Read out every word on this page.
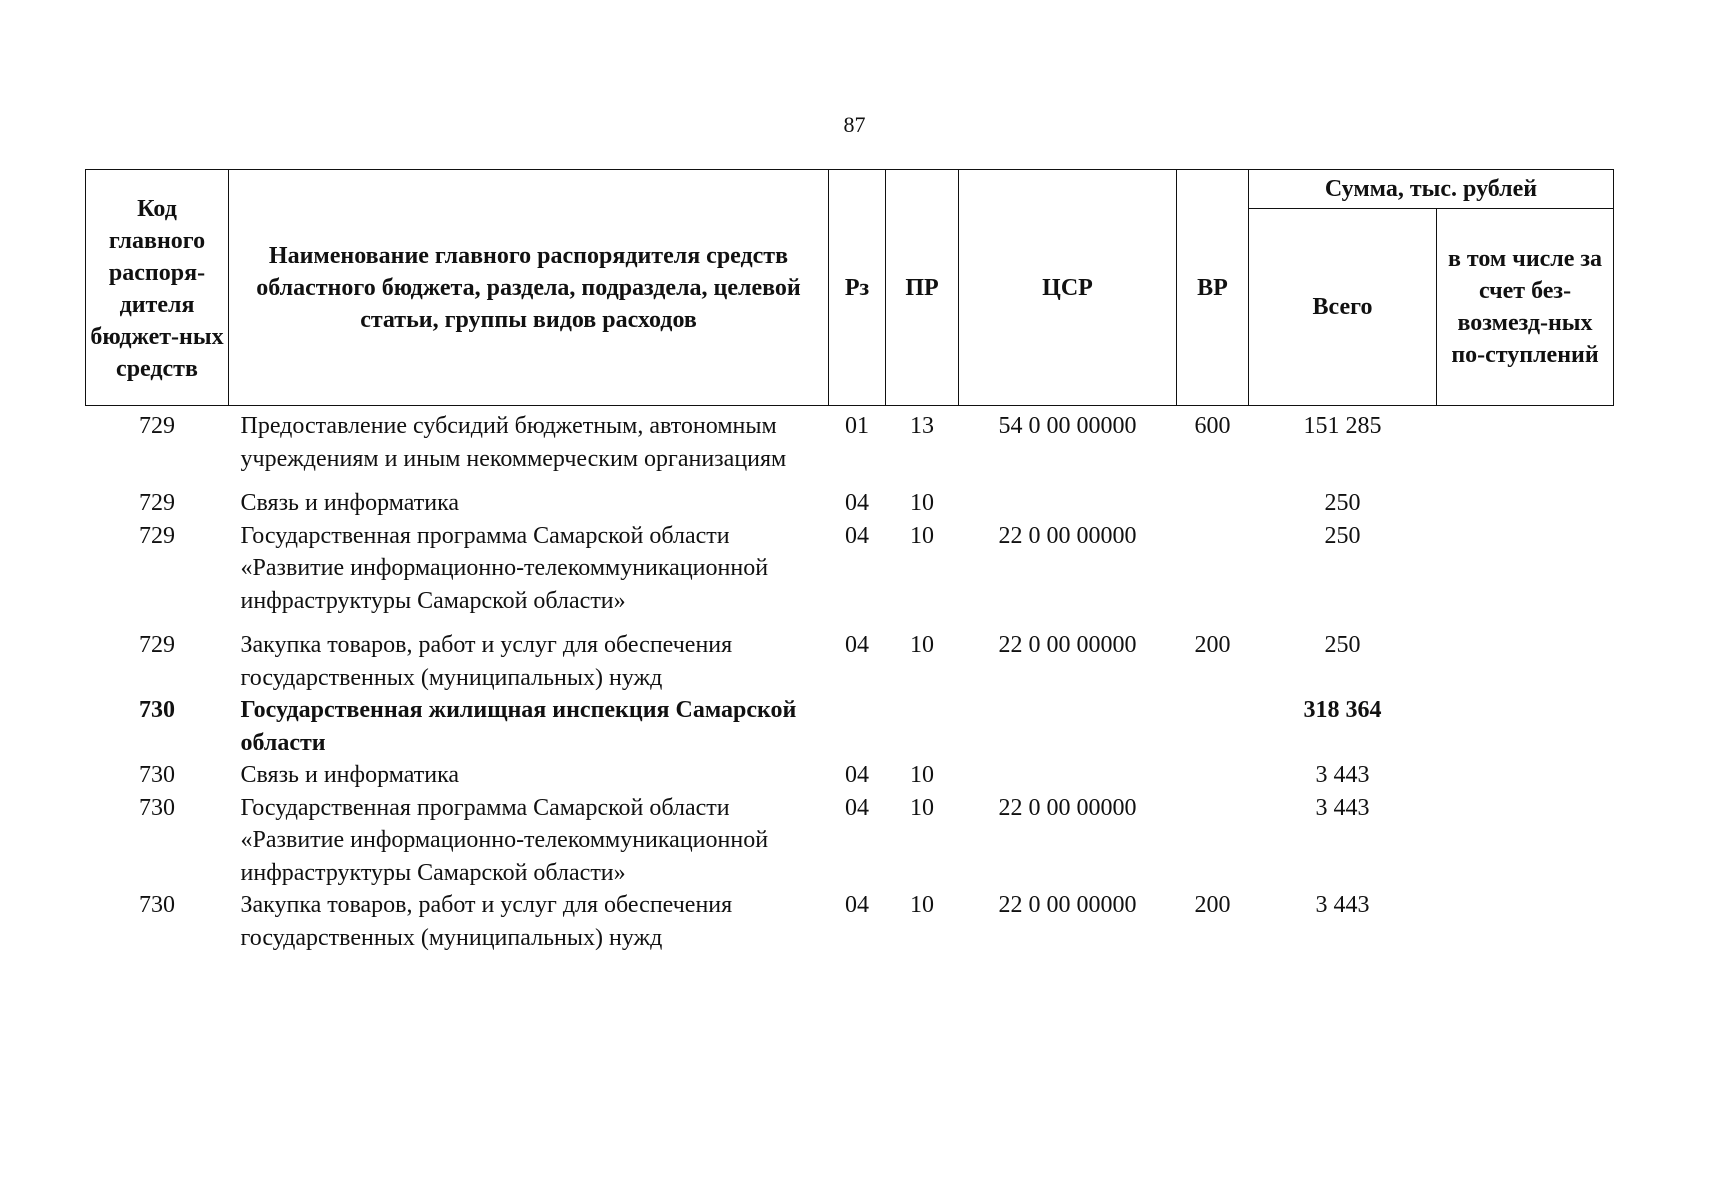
87
Код главного распоря-дителя бюджет-ных средств	Наименование главного распорядителя средств областного бюджета, раздела, подраздела, целевой статьи, группы видов расходов	Рз	ПР	ЦСР	ВР	Сумма, тыс. рублей	
						Всего	в том числе за счет без-возмезд-ных по-ступлений
729	Предоставление субсидий бюджетным, автономным учреждениям и иным некоммерческим организациям	01	13	54 0 00 00000	600	151 285	
729	Связь и информатика	04	10			250	
729	Государственная программа Самарской области «Развитие информационно-телекоммуникационной инфраструктуры Самарской области»	04	10	22 0 00 00000		250	
729	Закупка товаров, работ и услуг для обеспечения государственных (муниципальных) нужд	04	10	22 0 00 00000	200	250	
730	Государственная жилищная инспекция Самарской области					318 364	
730	Связь и информатика	04	10			3 443	
730	Государственная программа Самарской области «Развитие информационно-телекоммуникационной инфраструктуры Самарской области»	04	10	22 0 00 00000		3 443	
730	Закупка товаров, работ и услуг для обеспечения государственных (муниципальных) нужд	04	10	22 0 00 00000	200	3 443	
